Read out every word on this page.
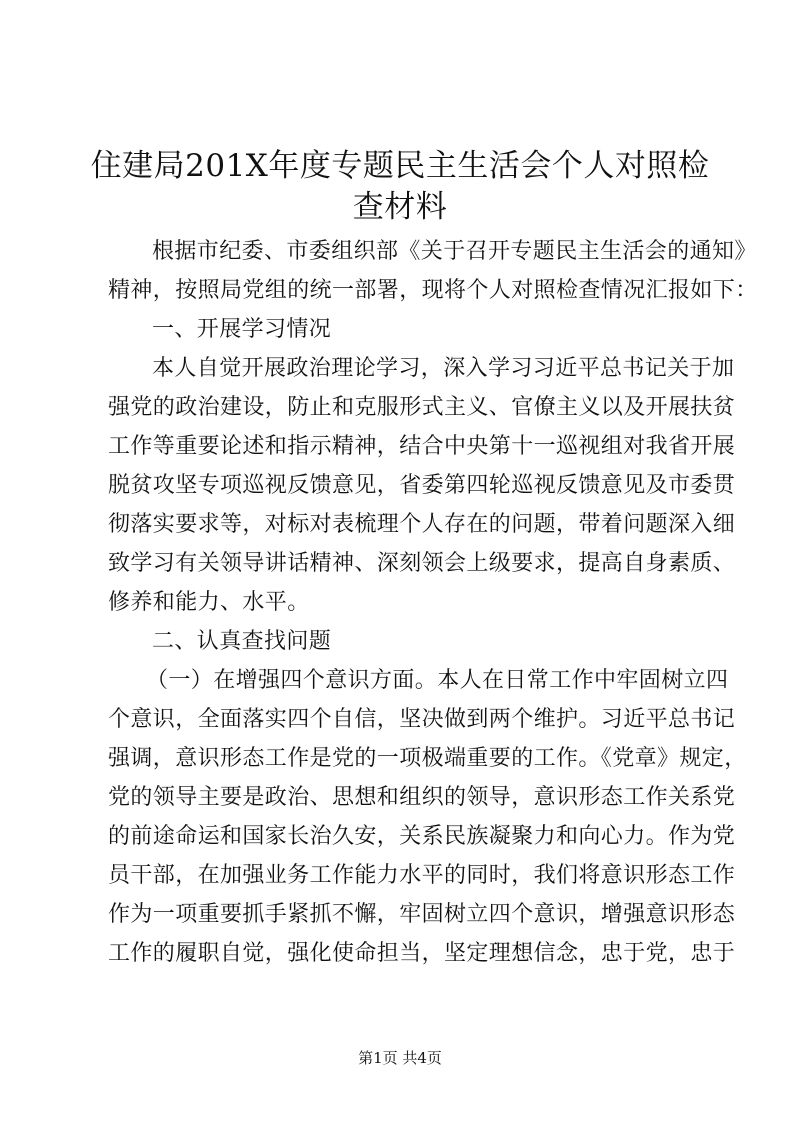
住建局201X年度专题民主生活会个人对照检
查材料

根据市纪委、市委组织部《关于召开专题民主生活会的通知》

精神，按照局党组的统一部署，现将个人对照检查情况汇报如下：

一、开展学习情况

本人自觉开展政治理论学习，深入学习习近平总书记关于加

强党的政治建设，防止和克服形式主义、官僚主义以及开展扶贫

工作等重要论述和指示精神，结合中央第十一巡视组对我省开展

脱贫攻坚专项巡视反馈意见，省委第四轮巡视反馈意见及市委贯

彻落实要求等，对标对表梳理个人存在的问题，带着问题深入细

致学习有关领导讲话精神、深刻领会上级要求，提高自身素质、

修养和能力、水平。

二、认真查找问题

（一）在增强四个意识方面。本人在日常工作中牢固树立四

个意识，全面落实四个自信，坚决做到两个维护。习近平总书记

强调，意识形态工作是党的一项极端重要的工作。《党章》规定，

党的领导主要是政治、思想和组织的领导，意识形态工作关系党

的前途命运和国家长治久安，关系民族凝聚力和向心力。作为党

员干部，在加强业务工作能力水平的同时，我们将意识形态工作

作为一项重要抓手紧抓不懈，牢固树立四个意识，增强意识形态

工作的履职自觉，强化使命担当，坚定理想信念，忠于党，忠于

第1页 共4页
